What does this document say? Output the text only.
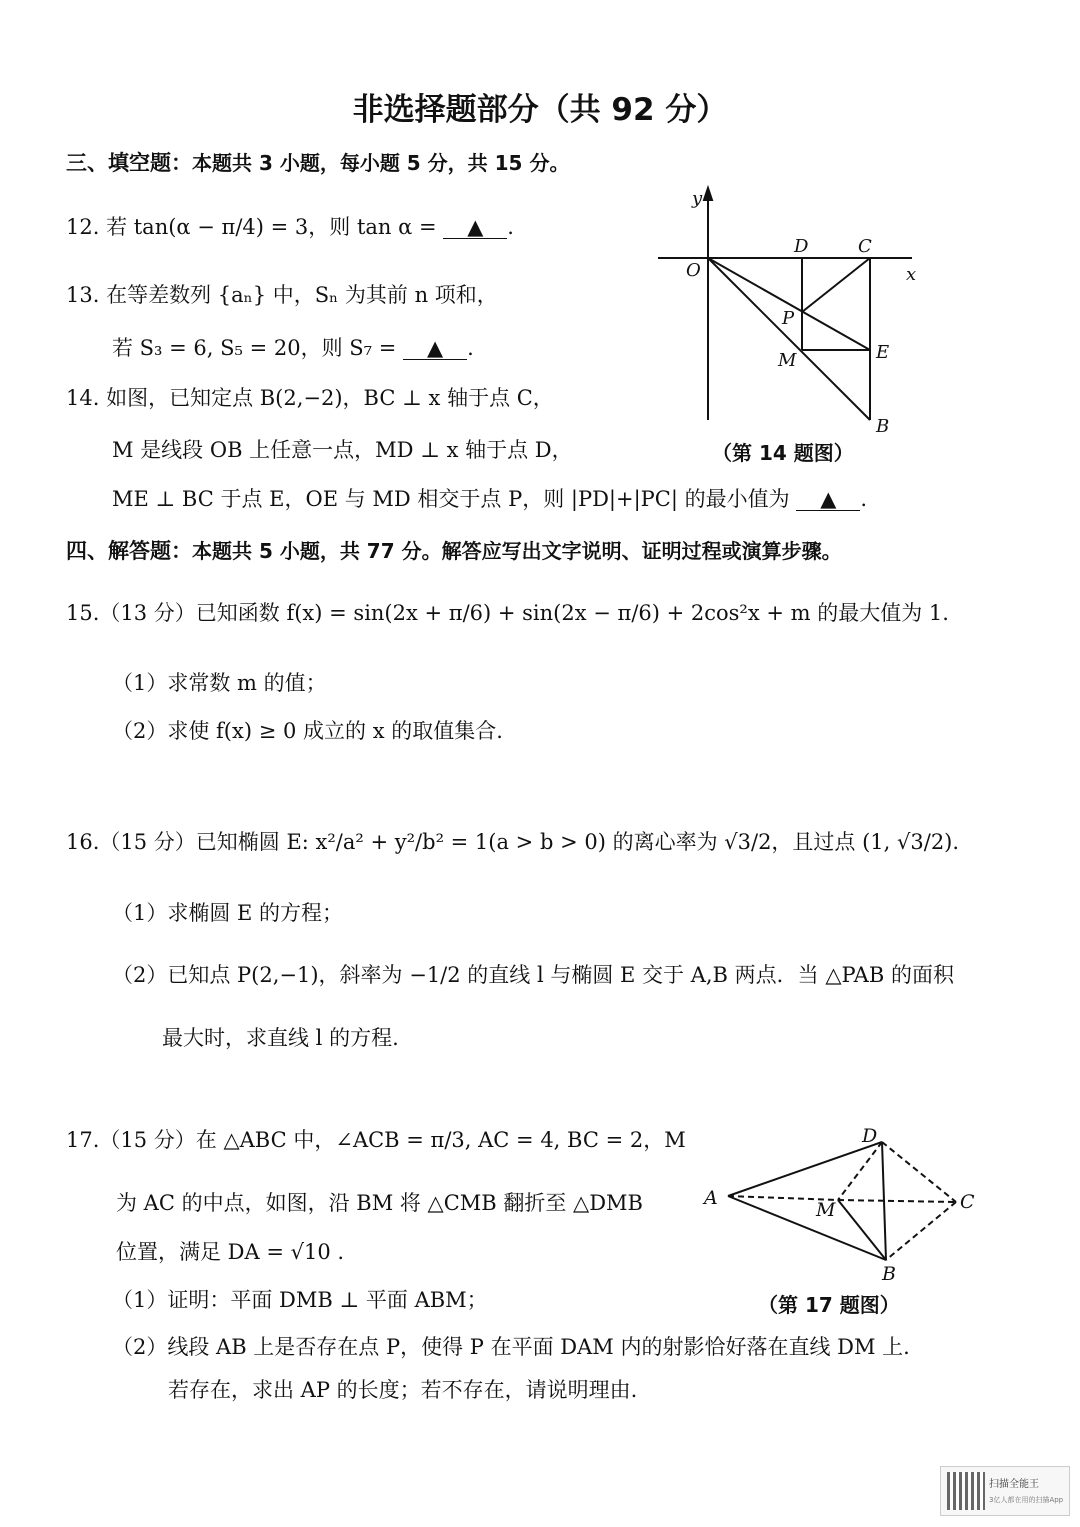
非选择题部分（共 92 分）
三、填空题：本题共 3 小题，每小题 5 分，共 15 分。
12. 若 tan(α − π/4) = 3，则 tan α = ▲ .
13. 在等差数列 {aₙ} 中，Sₙ 为其前 n 项和，
若 S₃ = 6, S₅ = 20，则 S₇ = ▲ .
14. 如图，已知定点 B(2,−2)，BC ⊥ x 轴于点 C，
M 是线段 OB 上任意一点，MD ⊥ x 轴于点 D，
ME ⊥ BC 于点 E，OE 与 MD 相交于点 P，则 |PD|+|PC| 的最小值为 ▲ .
y
x
O
D	C
P
M	E
B
（第 14 题图）
四、解答题：本题共 5 小题，共 77 分。解答应写出文字说明、证明过程或演算步骤。
15.（13 分）已知函数 f(x) = sin(2x + π/6) + sin(2x − π/6) + 2cos²x + m 的最大值为 1.
（1）求常数 m 的值；
（2）求使 f(x) ≥ 0 成立的 x 的取值集合.
16.（15 分）已知椭圆 E: x²/a² + y²/b² = 1(a > b > 0) 的离心率为 √3/2，且过点 (1, √3/2).
（1）求椭圆 E 的方程；
（2）已知点 P(2,−1)，斜率为 −1/2 的直线 l 与椭圆 E 交于 A,B 两点．当 △PAB 的面积
最大时，求直线 l 的方程.
17.（15 分）在 △ABC 中，∠ACB = π/3, AC = 4, BC = 2，M
为 AC 的中点，如图，沿 BM 将 △CMB 翻折至 △DMB
位置，满足 DA = √10 .
（1）证明：平面 DMB ⊥ 平面 ABM；
（2）线段 AB 上是否存在点 P，使得 P 在平面 DAM 内的射影恰好落在直线 DM 上.
若存在，求出 AP 的长度；若不存在，请说明理由.
A
M	C
D
B
（第 17 题图）
扫描全能王
3亿人都在用的扫描App
